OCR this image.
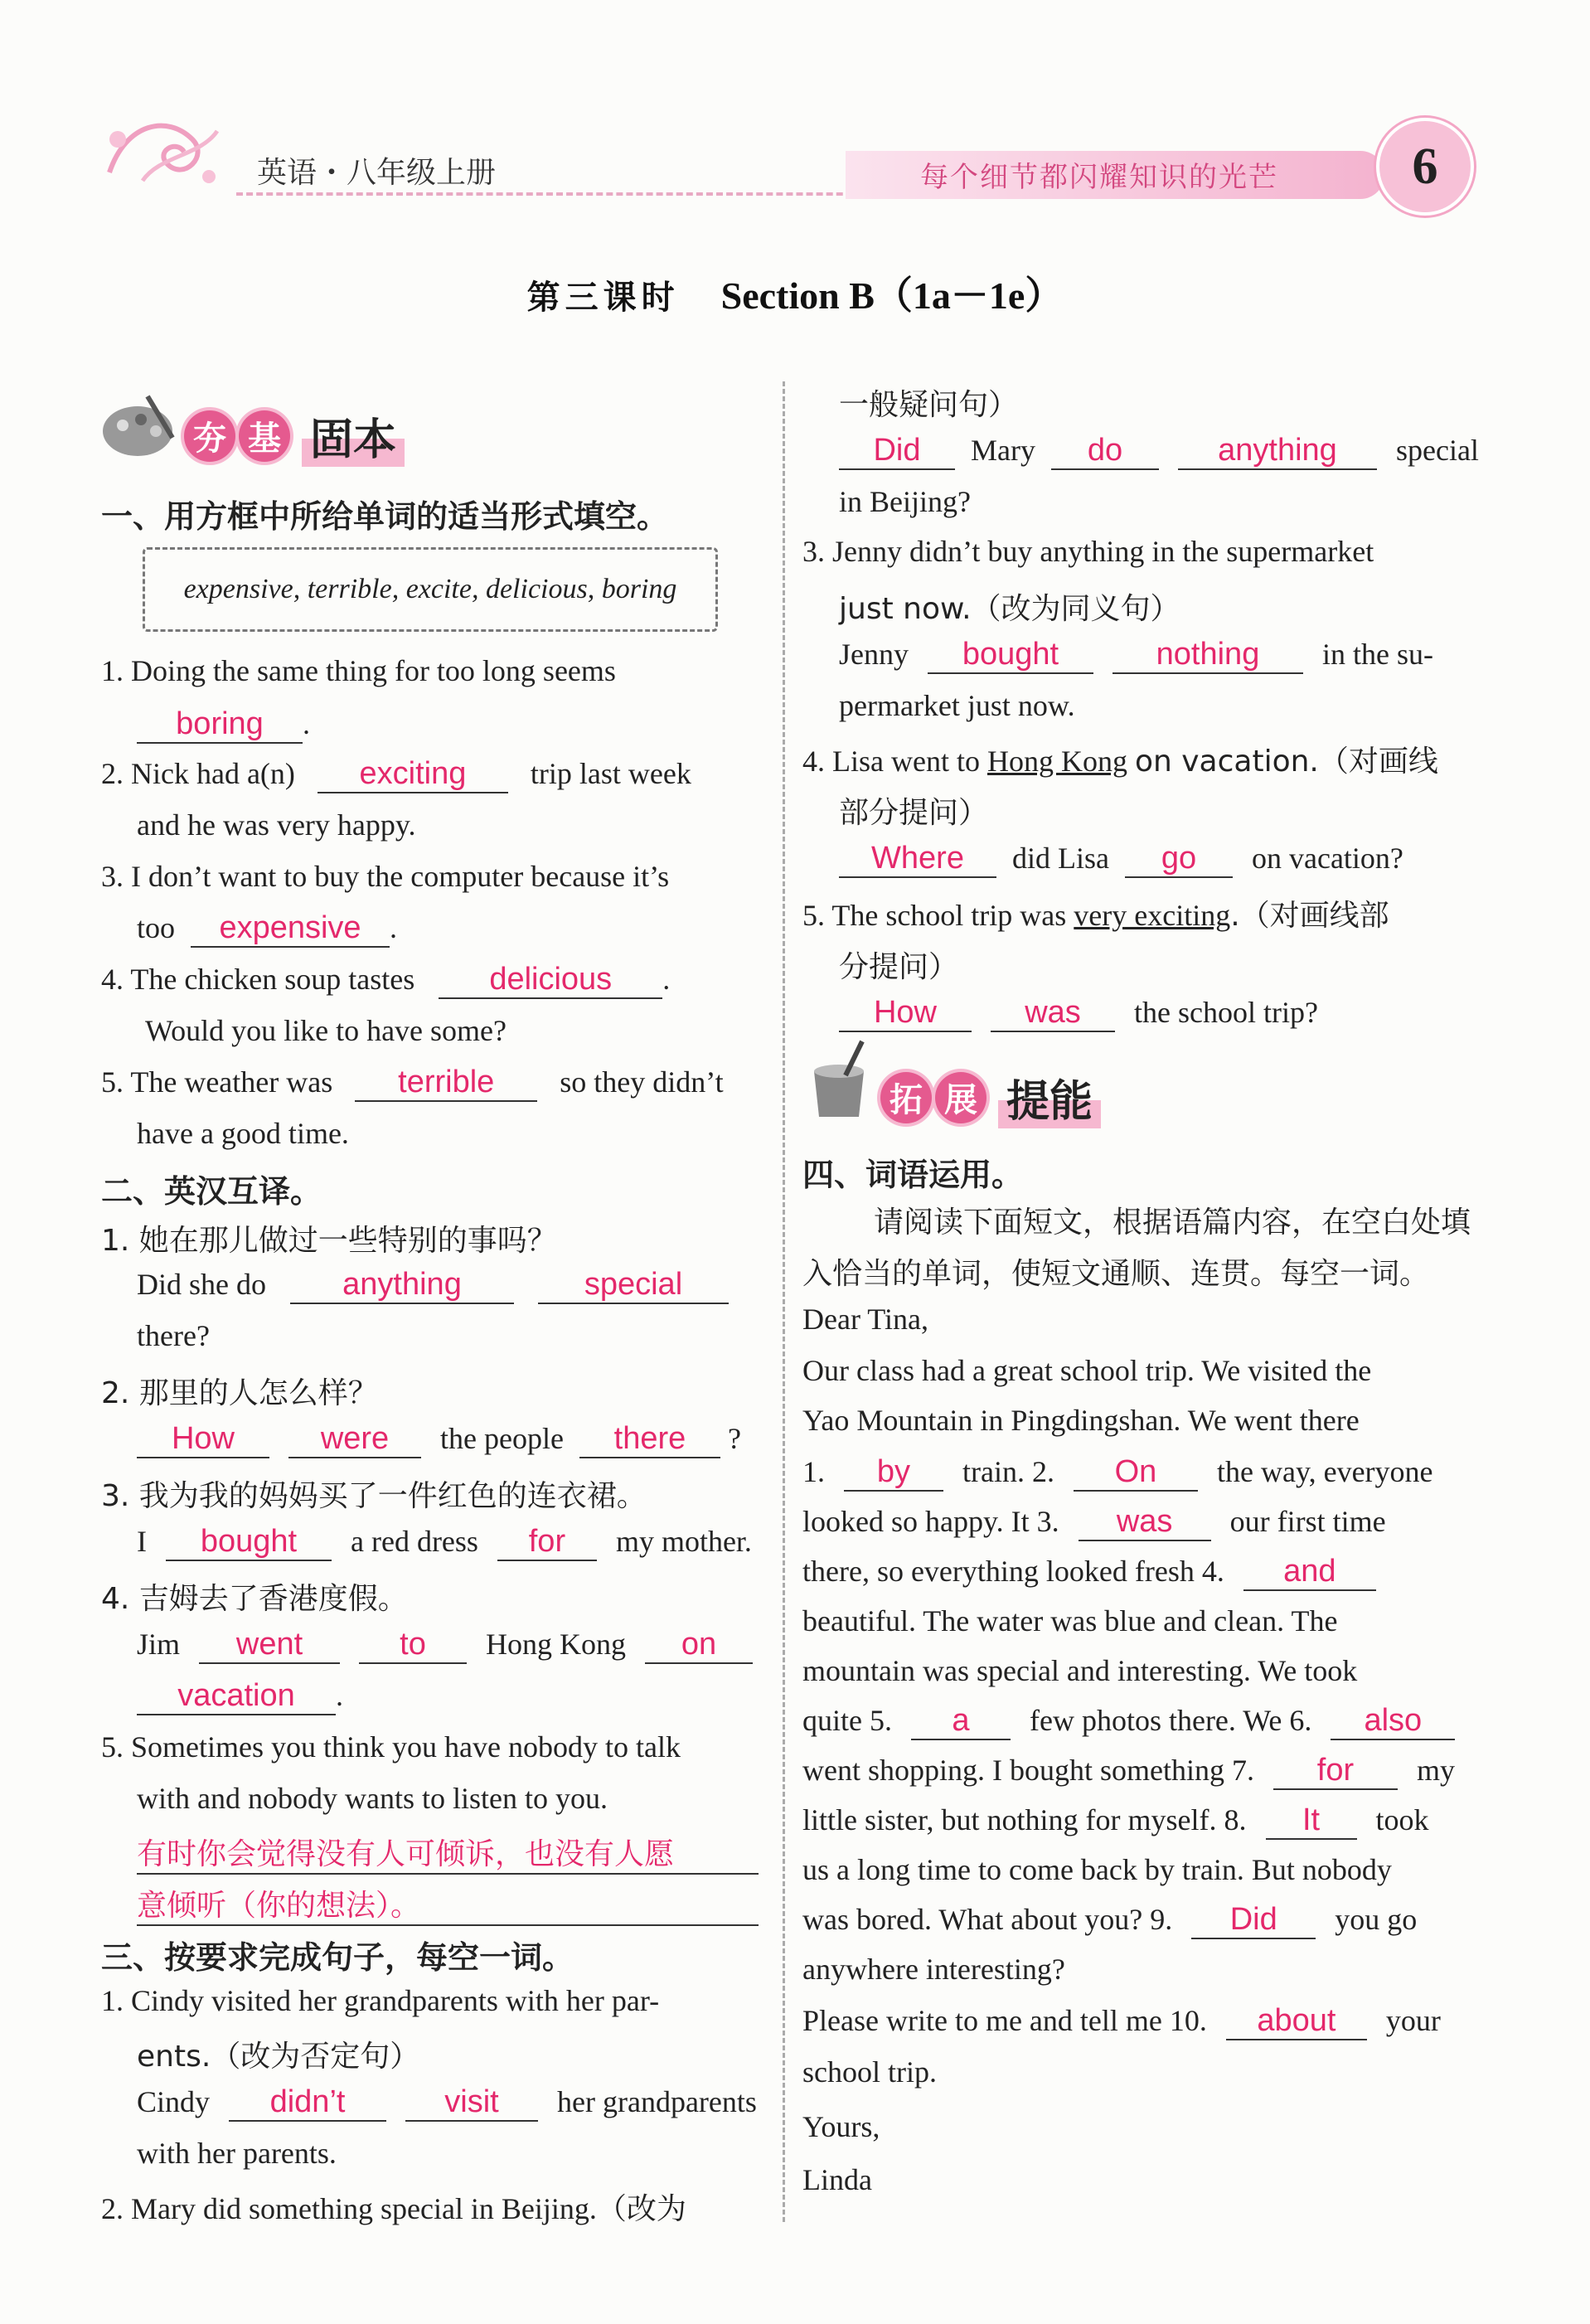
英语・八年级上册	每个细节都闪耀知识的光芒	6
第三课时 Section B（1a－1e）
夯 基 固本
一、用方框中所给单词的适当形式填空。
expensive, terrible, excite, delicious, boring
1. Doing the same thing for too long seems
boring .
2. Nick had a(n) exciting trip last week
and he was very happy.
3. I don’t want to buy the computer because it’s
too expensive .
4. The chicken soup tastes delicious .
Would you like to have some?
5. The weather was terrible so they didn’t
have a good time.
二、英汉互译。
1. 她在那儿做过一些特别的事吗？
Did she do anything	special
there?
2. 那里的人怎么样？
How	were the people there ?
3. 我为我的妈妈买了一件红色的连衣裙。
I bought a red dress for my mother.
4. 吉姆去了香港度假。
Jim went	to Hong Kong on
vacation .
5. Sometimes you think you have nobody to talk
with and nobody wants to listen to you.
有时你会觉得没有人可倾诉，也没有人愿
意倾听（你的想法）。
三、按要求完成句子，每空一词。
1. Cindy visited her grandparents with her par-
ents.（改为否定句）
Cindy didn’t	visit her grandparents
with her parents.
2. Mary did something special in Beijing.（改为
一般疑问句）
Did Mary do	anything special
in Beijing?
3. Jenny didn’t buy anything in the supermarket
just now.（改为同义句）
Jenny bought	nothing in the su-
permarket just now.
4. Lisa went to Hong Kong on vacation.（对画线
部分提问）
Where did Lisa go on vacation?
5. The school trip was very exciting.（对画线部
分提问）
How	was the school trip?
拓 展 提能
四、词语运用。
请阅读下面短文，根据语篇内容，在空白处填
入恰当的单词，使短文通顺、连贯。每空一词。
Dear Tina,
Our class had a great school trip. We visited the
Yao Mountain in Pingdingshan. We went there
1. by train. 2. On the way, everyone
looked so happy. It 3. was our first time
there, so everything looked fresh 4. and
beautiful. The water was blue and clean. The
mountain was special and interesting. We took
quite 5. a few photos there. We 6. also
went shopping. I bought something 7. for my
little sister, but nothing for myself. 8. It took
us a long time to come back by train. But nobody
was bored. What about you? 9. Did you go
anywhere interesting?
Please write to me and tell me 10. about your
school trip.
Yours,
Linda
